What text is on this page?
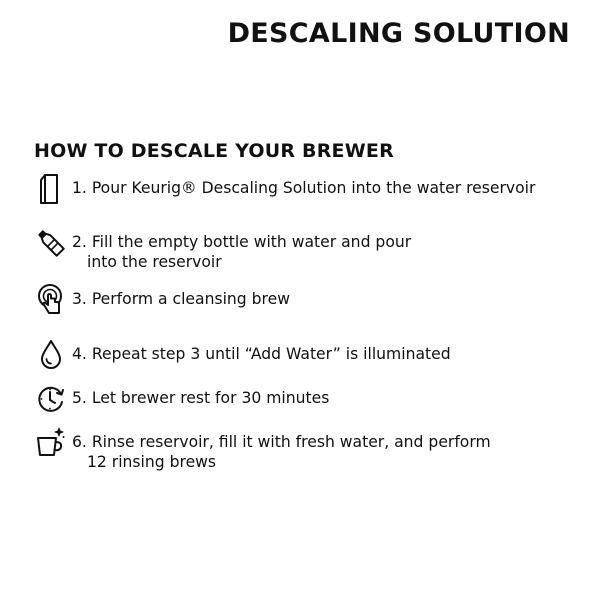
DESCALING SOLUTION
HOW TO DESCALE YOUR BREWER
1. Pour Keurig® Descaling Solution into the water reservoir
2. Fill the empty bottle with water and pour
into the reservoir
3. Perform a cleansing brew
4. Repeat step 3 until “Add Water” is illuminated
5. Let brewer rest for 30 minutes
6. Rinse reservoir, fill it with fresh water, and perform
12 rinsing brews
